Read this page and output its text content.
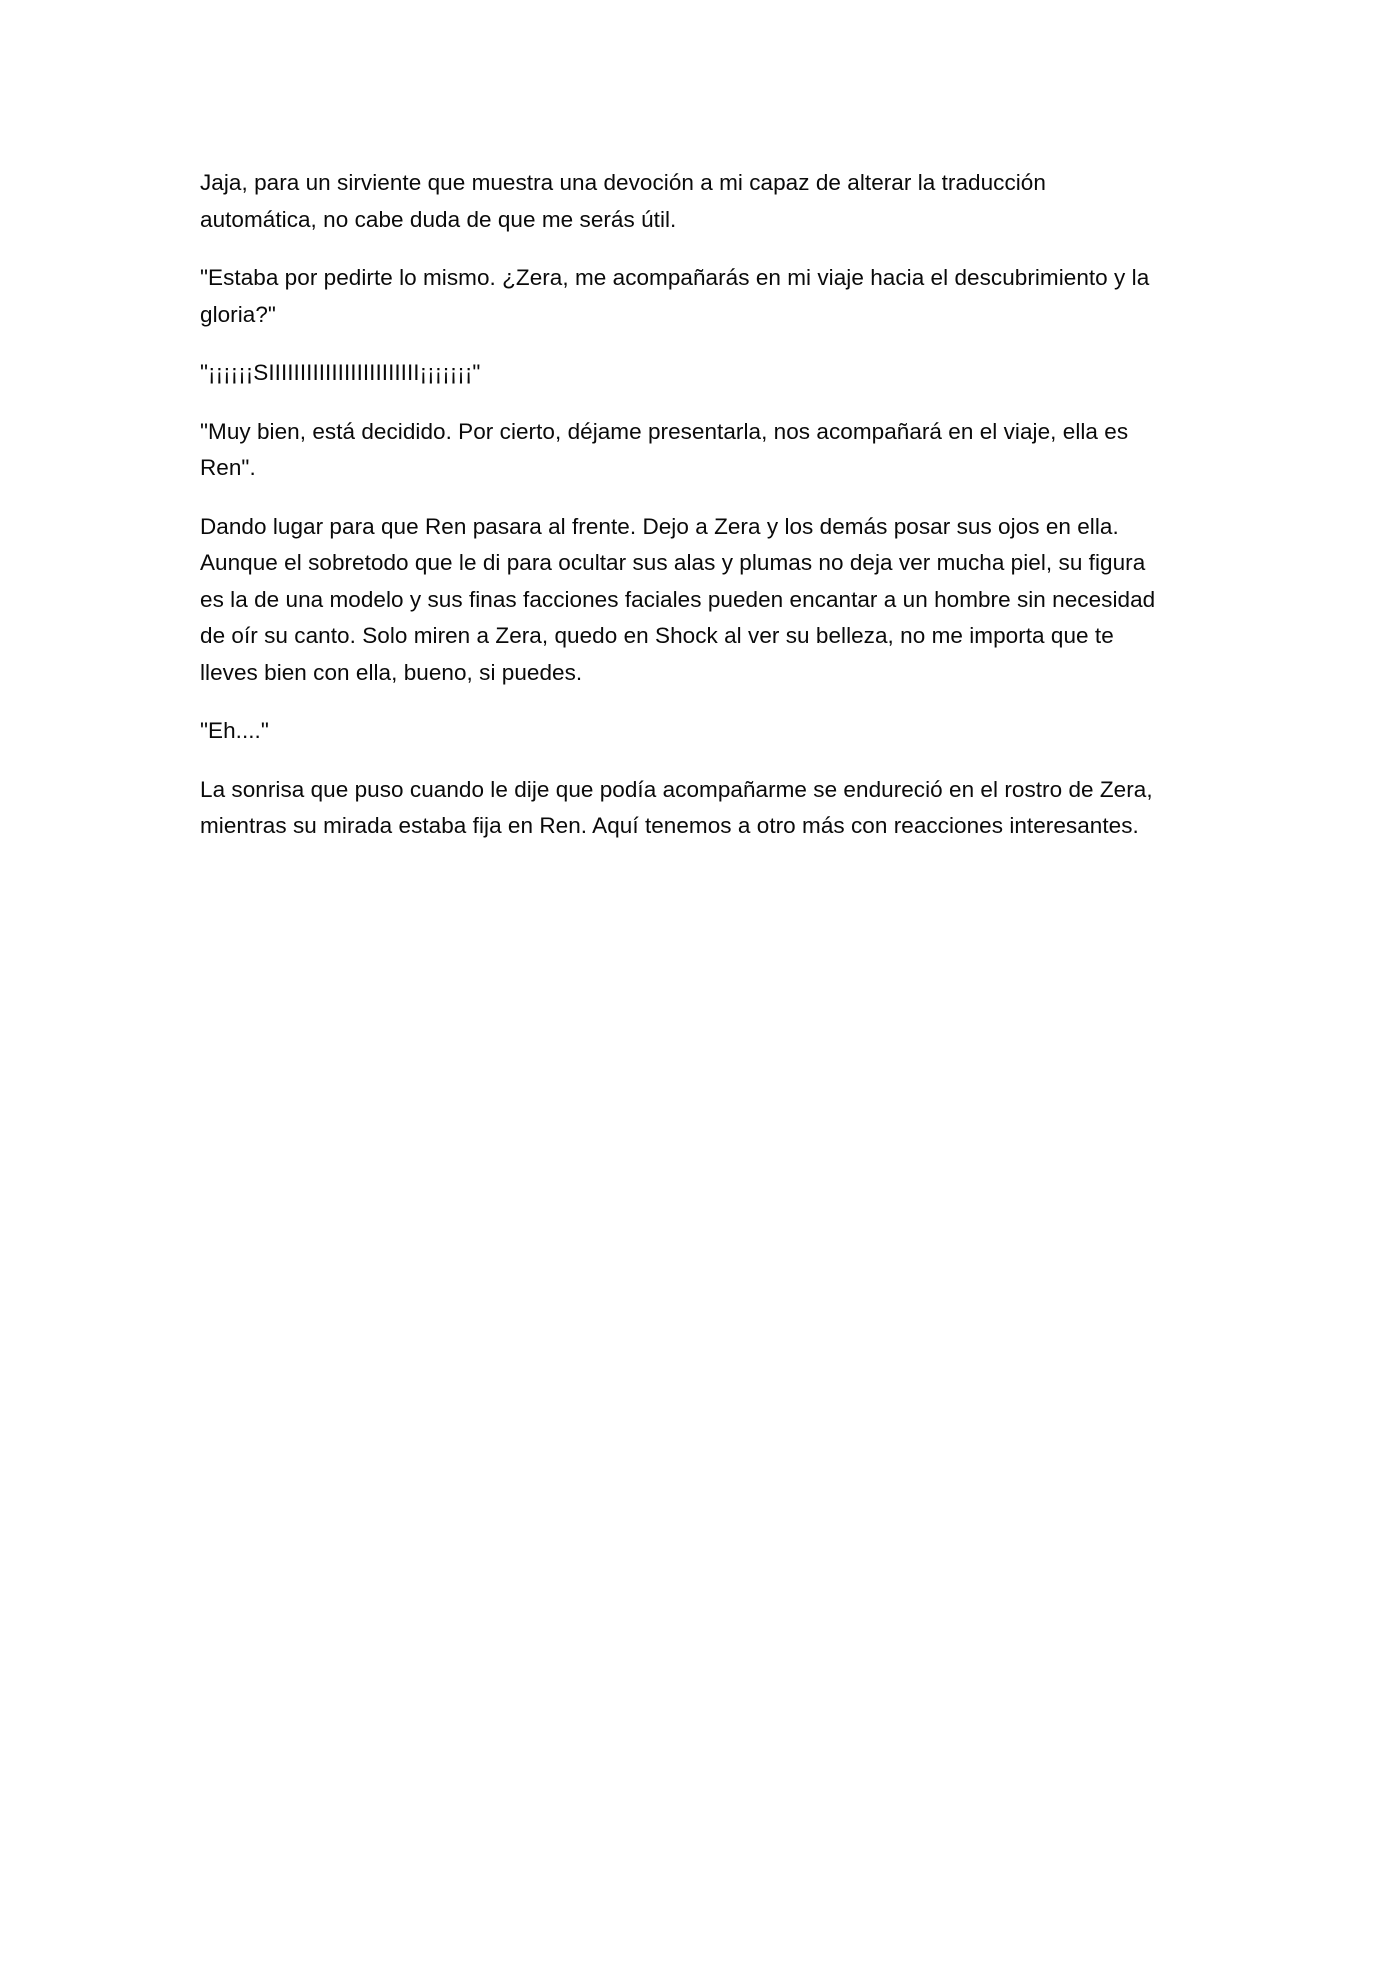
Jaja, para un sirviente que muestra una devoción a mi capaz de alterar la traducción
automática, no cabe duda de que me serás útil.

"Estaba por pedirte lo mismo. ¿Zera, me acompañarás en mi viaje hacia el descubrimiento y la
gloria?"

"¡¡¡¡¡¡SIIIIIIIIIIIIIIIIIIIIIIII¡¡¡¡¡¡¡"

"Muy bien, está decidido. Por cierto, déjame presentarla, nos acompañará en el viaje, ella es
Ren".

Dando lugar para que Ren pasara al frente. Dejo a Zera y los demás posar sus ojos en ella.
Aunque el sobretodo que le di para ocultar sus alas y plumas no deja ver mucha piel, su figura
es la de una modelo y sus finas facciones faciales pueden encantar a un hombre sin necesidad
de oír su canto. Solo miren a Zera, quedo en Shock al ver su belleza, no me importa que te
lleves bien con ella, bueno, si puedes.

"Eh...."

La sonrisa que puso cuando le dije que podía acompañarme se endureció en el rostro de Zera,
mientras su mirada estaba fija en Ren. Aquí tenemos a otro más con reacciones interesantes.
